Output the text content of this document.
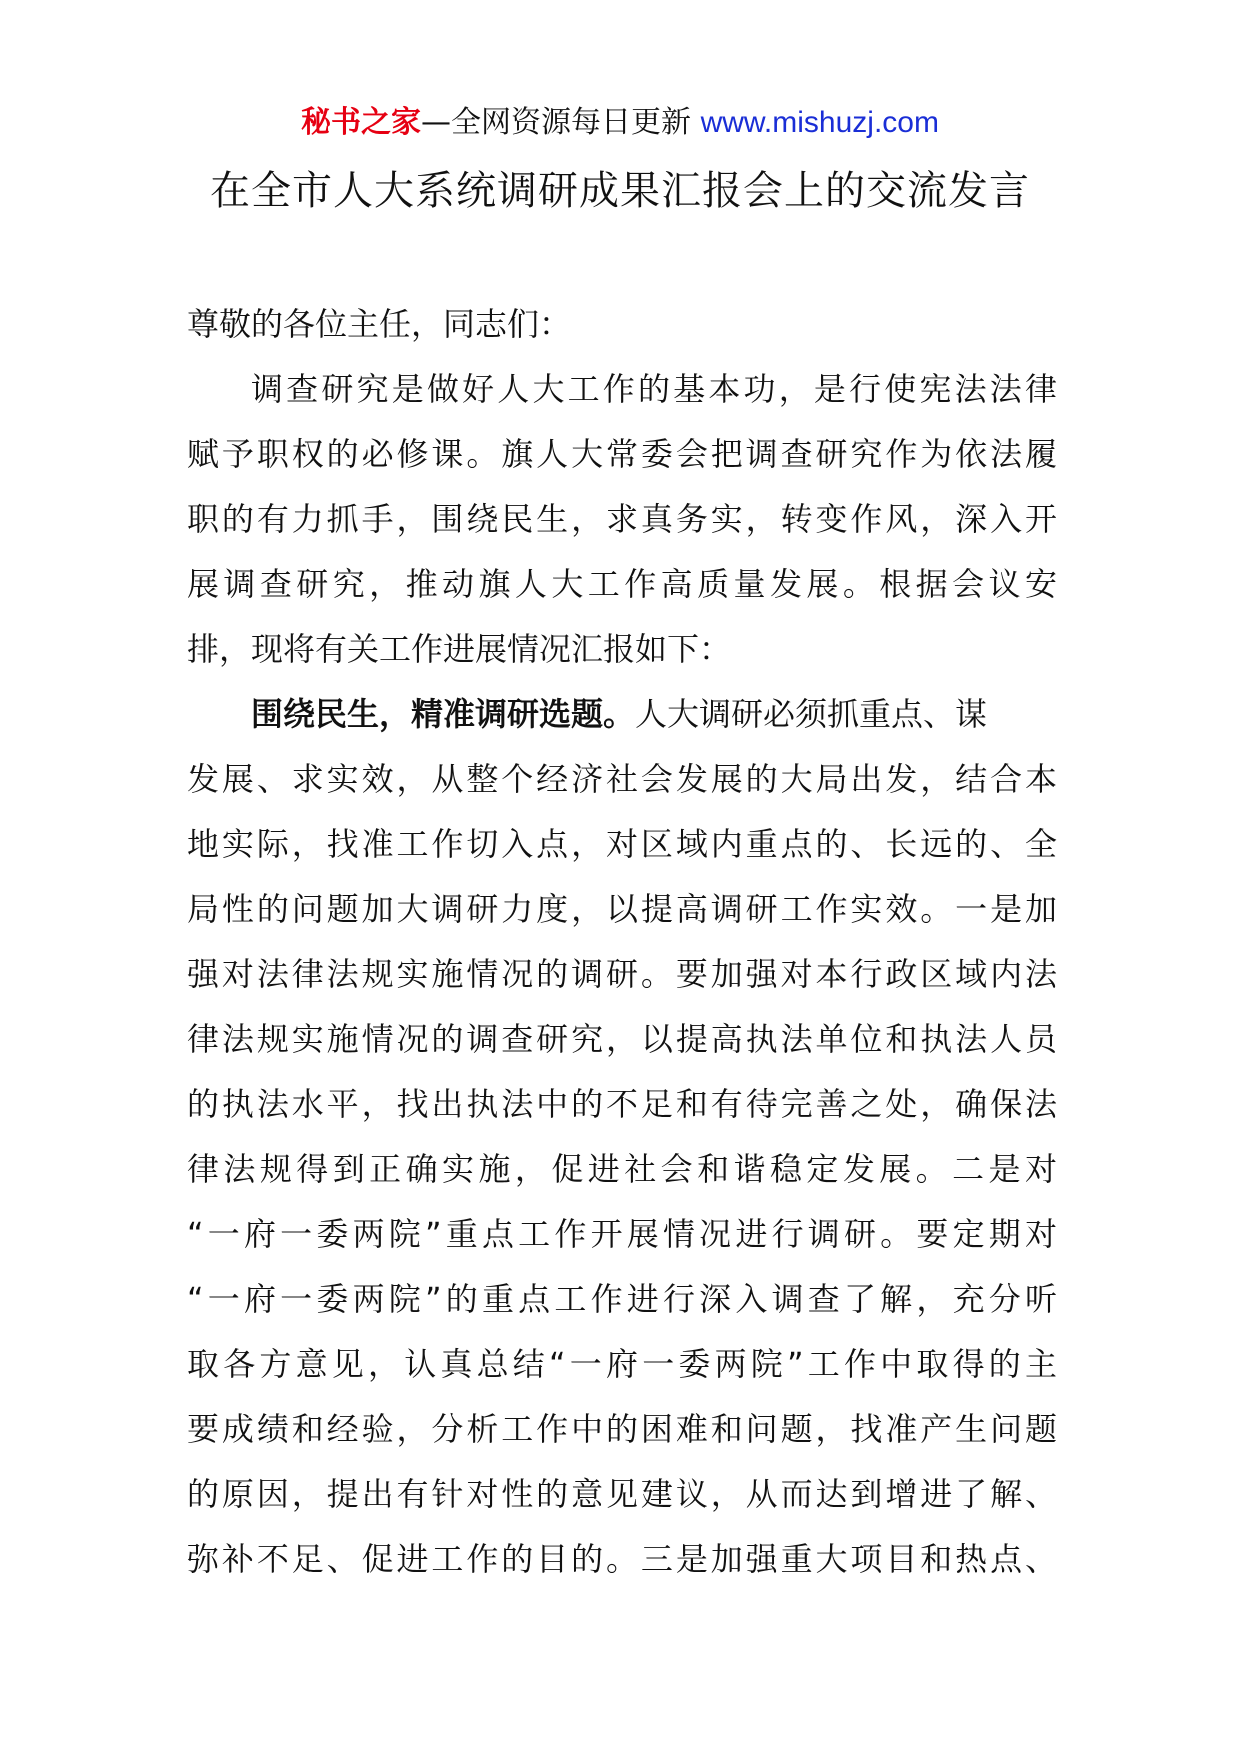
秘书之家—全网资源每日更新 www.mishuzj.com
在全市人大系统调研成果汇报会上的交流发言
尊敬的各位主任，同志们：
调查研究是做好人大工作的基本功，是行使宪法法律
赋予职权的必修课。旗人大常委会把调查研究作为依法履
职的有力抓手，围绕民生，求真务实，转变作风，深入开
展调查研究，推动旗人大工作高质量发展。根据会议安
排，现将有关工作进展情况汇报如下：
围绕民生，精准调研选题。人大调研必须抓重点、谋
发展、求实效，从整个经济社会发展的大局出发，结合本
地实际，找准工作切入点，对区域内重点的、长远的、全
局性的问题加大调研力度，以提高调研工作实效。一是加
强对法律法规实施情况的调研。要加强对本行政区域内法
律法规实施情况的调查研究，以提高执法单位和执法人员
的执法水平，找出执法中的不足和有待完善之处，确保法
律法规得到正确实施，促进社会和谐稳定发展。二是对
“一府一委两院”重点工作开展情况进行调研。要定期对
“一府一委两院”的重点工作进行深入调查了解，充分听
取各方意见，认真总结“一府一委两院”工作中取得的主
要成绩和经验，分析工作中的困难和问题，找准产生问题
的原因，提出有针对性的意见建议，从而达到增进了解、
弥补不足、促进工作的目的。三是加强重大项目和热点、
